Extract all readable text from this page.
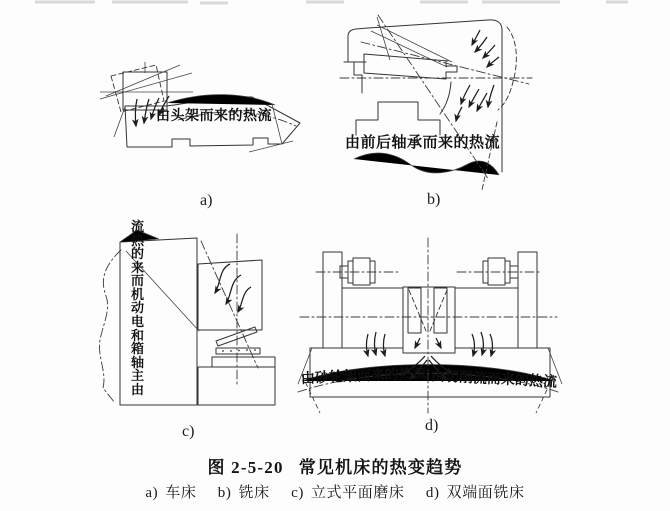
由头架而来的热流
由前后轴承而来的热流
流
热
的
来
而
机
动
电
和
箱
轴
主
由
由砂轮架而来的热流 由切削流而来的热流
a)	b)
c)	d)
图 2-5-20 常见机床的热变趋势
a) 车床 b) 铣床 c) 立式平面磨床 d) 双端面铣床
